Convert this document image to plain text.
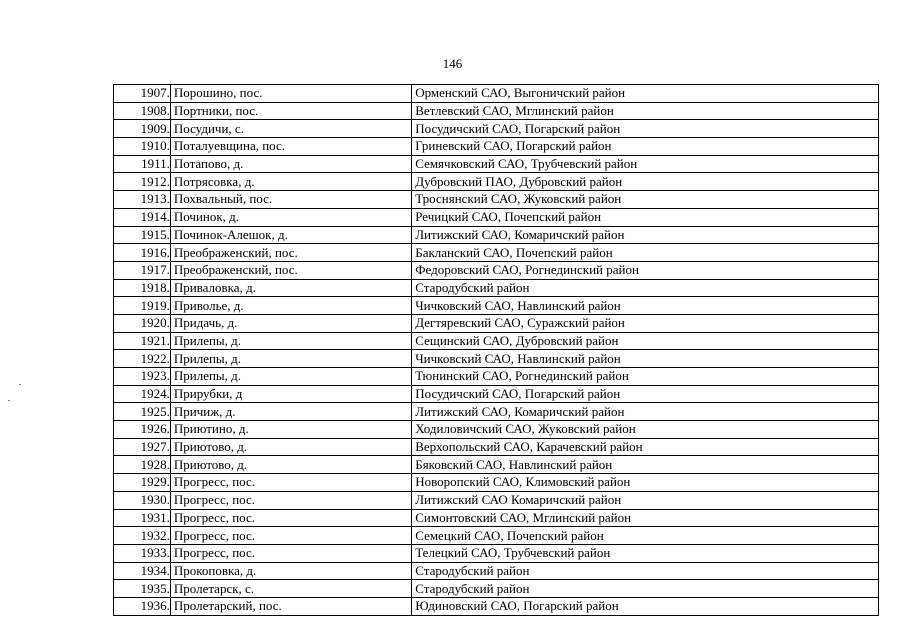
146
1907.	Порошино, пос.	Орменский САО, Выгоничский район
1908.	Портники, пос.	Ветлевский САО, Мглинский район
1909.	Посудичи, с.	Посудичский САО, Погарский район
1910.	Поталуевщина, пос.	Гриневский САО, Погарский район
1911.	Потапово, д.	Семячковский САО, Трубчевский район
1912.	Потрясовка, д.	Дубровский ПАО, Дубровский район
1913.	Похвальный, пос.	Троснянский САО, Жуковский район
1914.	Починок, д.	Речицкий САО, Почепский район
1915.	Починок-Алешок, д.	Литижский САО, Комаричский район
1916.	Преображенский, пос.	Бакланский САО, Почепский район
1917.	Преображенский, пос.	Федоровский САО, Рогнединский район
1918.	Приваловка, д.	Стародубский район
1919.	Приволье, д.	Чичковский САО, Навлинский район
1920.	Придачь, д.	Дегтяревский САО, Суражский район
1921.	Прилепы, д.	Сещинский САО, Дубровский район
1922.	Прилепы, д.	Чичковский САО, Навлинский район
1923.	Прилепы, д.	Тюнинский САО, Рогнединский район
1924.	Прирубки, д	Посудичский САО, Погарский район
1925.	Причиж, д.	Литижский САО, Комаричский район
1926.	Приютино, д.	Ходиловичский САО, Жуковский район
1927.	Приютово, д.	Верхопольский САО, Карачевский район
1928.	Приютово, д.	Бяковский САО, Навлинский район
1929.	Прогресс, пос.	Новоропский САО, Климовский район
1930.	Прогресс, пос.	Литижский САО Комаричский район
1931.	Прогресс, пос.	Симонтовский САО, Мглинский район
1932.	Прогресс, пос.	Семецкий САО, Почепский район
1933.	Прогресс, пос.	Телецкий САО, Трубчевский район
1934.	Прокоповка, д.	Стародубский район
1935.	Пролетарск, с.	Стародубский район
1936.	Пролетарский, пос.	Юдиновский САО, Погарский район
